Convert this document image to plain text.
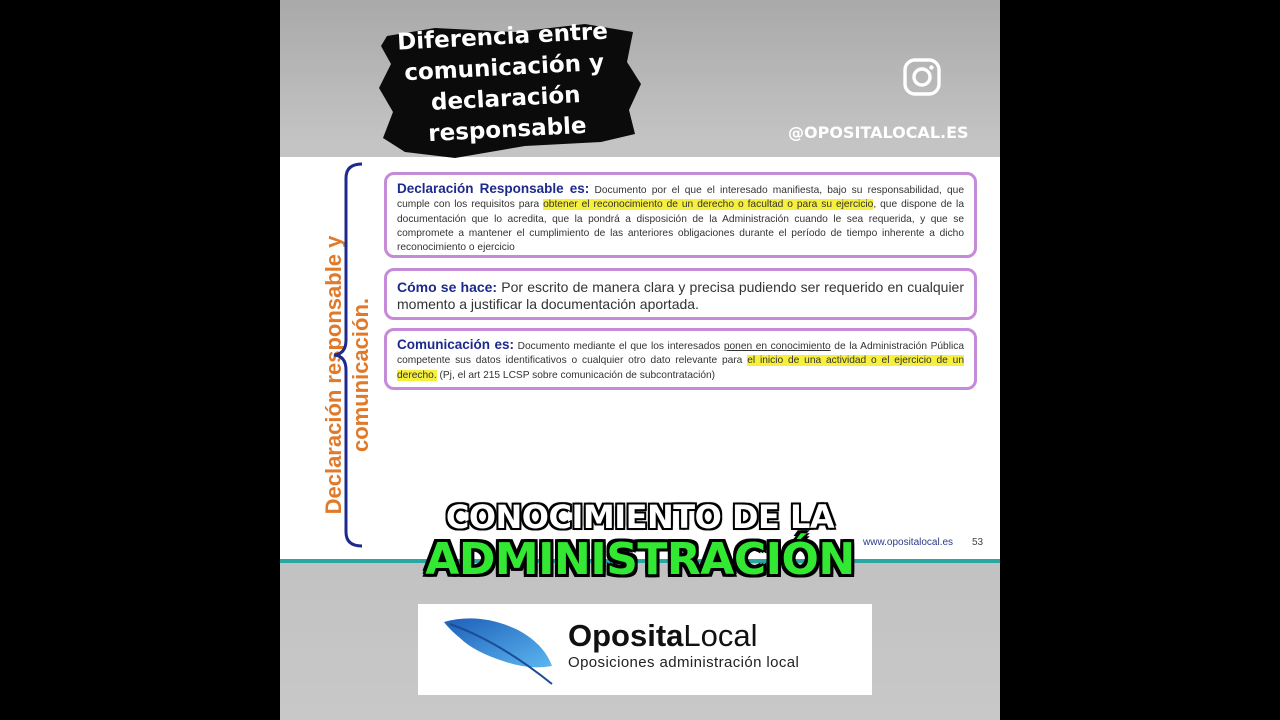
Declaración responsable y comunicación.
Declaración Responsable es: Documento por el que el interesado manifiesta, bajo su responsabilidad, que cumple con los requisitos para obtener el reconocimiento de un derecho o facultad o para su ejercicio, que dispone de la documentación que lo acredita, que la pondrá a disposición de la Administración cuando le sea requerida, y que se compromete a mantener el cumplimiento de las anteriores obligaciones durante el período de tiempo inherente a dicho reconocimiento o ejercicio
Cómo se hace: Por escrito de manera clara y precisa pudiendo ser requerido en cualquier momento a justificar la documentación aportada.
Comunicación es: Documento mediante el que los interesados ponen en conocimiento de la Administración Pública competente sus datos identificativos o cualquier otro dato relevante para el inicio de una actividad o el ejercicio de un derecho. (Pj, el art 215 LCSP sobre comunicación de subcontratación)
www.opositalocal.es 53
Diferencia entre comunicación y declaración responsable	@OPOSITALOCAL.ES
CONOCIMIENTO DE LA
ADMINISTRACIÓN
OpositaLocal
Oposiciones administración local
